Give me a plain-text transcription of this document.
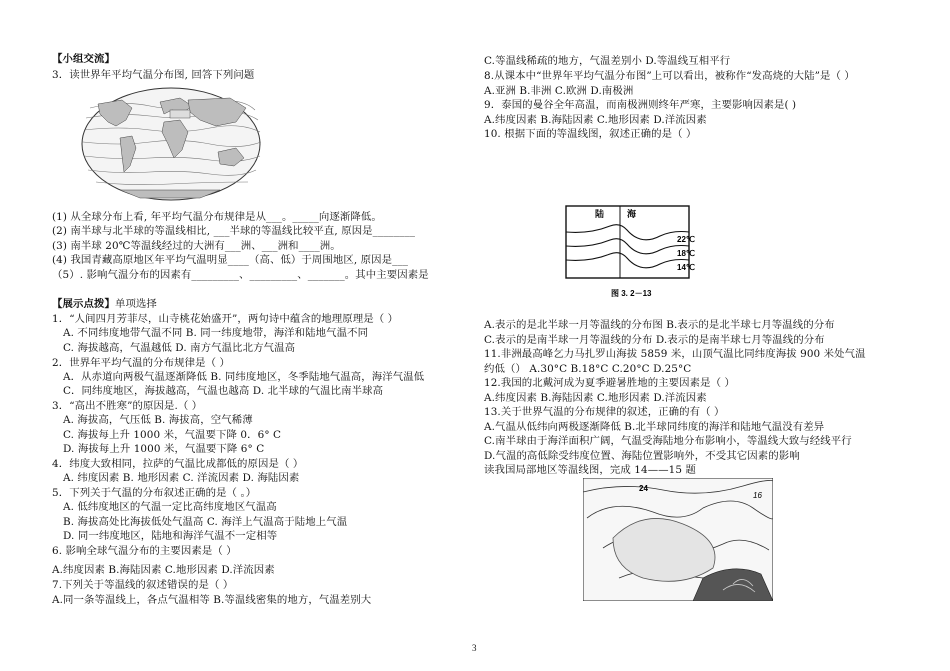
【小组交流】
3．读世界年平均气温分布图, 回答下列问题
(1) 从全球分布上看, 年平均气温分布规律是从___。_____向逐渐降低。
(2) 南半球与北半球的等温线相比, ___半球的等温线比较平直, 原因是________
(3) 南半球 20℃等温线经过的大洲有___洲、___洲和____洲。
(4) 我国青藏高原地区年平均气温明显____（高、低）于周围地区, 原因是___
（5）. 影响气温分布的因素有_________、_________、_______。其中主要因素是
【展示点拨】单项选择
1．“人间四月芳菲尽，山寺桃花始盛开”，两句诗中蕴含的地理原理是（ ）
A. 不同纬度地带气温不同 B. 同一纬度地带，海洋和陆地气温不同
C. 海拔越高，气温越低 D. 南方气温比北方气温高
2．世界年平均气温的分布规律是（ ）
A．从赤道向两极气温逐渐降低 B. 同纬度地区，冬季陆地气温高，海洋气温低
C．同纬度地区，海拔越高，气温也越高 D. 北半球的气温比南半球高
3．“高出不胜寒”的原因是.（ ）
A. 海拔高，气压低 B. 海拔高，空气稀薄
C. 海拔每上升 1000 米，气温要下降 0．6° C
D. 海拔每上升 1000 米，气温要下降 6° C
4．纬度大致相同，拉萨的气温比成都低的原因是（ ）
A. 纬度因素 B. 地形因素 C. 洋流因素 D. 海陆因素
5．下列关于气温的分布叙述正确的是（ 。）
A. 低纬度地区的气温一定比高纬度地区气温高
B. 海拔高处比海拔低处气温高 C. 海洋上气温高于陆地上气温
D. 同一纬度地区，陆地和海洋气温不一定相等
6. 影响全球气温分布的主要因素是（ ）
A.纬度因素 B.海陆因素 C.地形因素 D.洋流因素
7.下列关于等温线的叙述错误的是（ ）
A.同一条等温线上，各点气温相等 B.等温线密集的地方，气温差别大
C.等温线稀疏的地方，气温差别小 D.等温线互相平行
8.从课本中“世界年平均气温分布图”上可以看出，被称作“发高烧的大陆”是（ ）
A.亚洲 B.非洲 C.欧洲 D.南极洲
9．泰国的曼谷全年高温，而南极洲则终年严寒，主要影响因素是( )
A.纬度因素 B.海陆因素 C.地形因素 D.洋流因素
10. 根据下面的等温线图，叙述正确的是（ ）
陆	海
22℃
18℃
14℃
图 3. 2－13
A.表示的是北半球一月等温线的分布图 B.表示的是北半球七月等温线的分布
C.表示的是南半球一月等温线的分布 D.表示的是南半球七月等温线的分布
11.非洲最高峰乞力马扎罗山海拔 5859 米，山顶气温比同纬度海拔 900 米处气温
约低（） A.30°C B.18°C C.20°C D.25°C
12.我国的北戴河成为夏季避暑胜地的主要因素是（ ）
A.纬度因素 B.海陆因素 C.地形因素 D.洋流因素
13.关于世界气温的分布规律的叙述，正确的有（ ）
A.气温从低纬向两极逐渐降低 B.北半球同纬度的海洋和陆地气温没有差异
C.南半球由于海洋面积广阔，气温受海陆地分布影响小，等温线大致与经线平行
D.气温的高低除受纬度位置、海陆位置影响外，不受其它因素的影响
读我国局部地区等温线图，完成 14——15 题
24
16
3
